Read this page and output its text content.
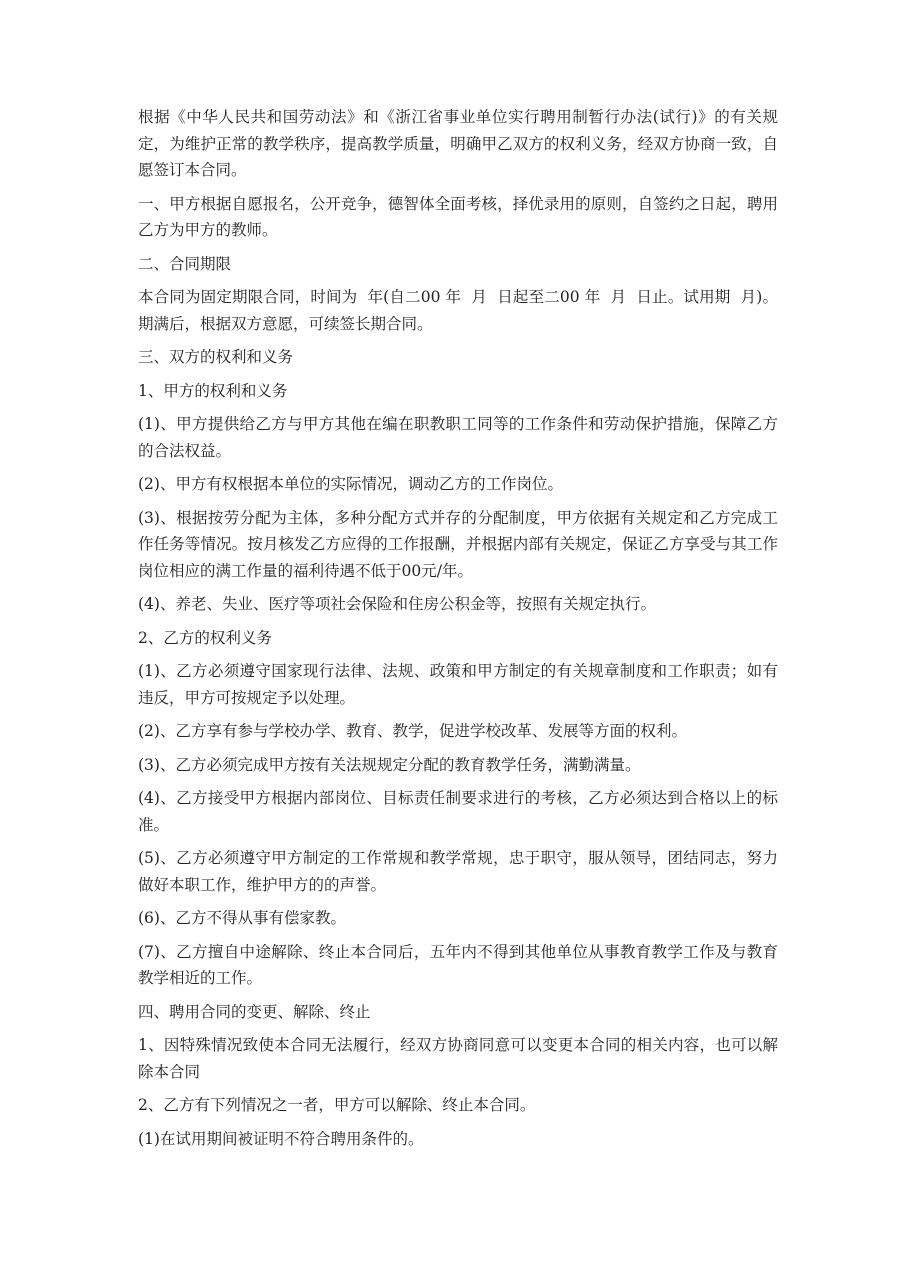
根据《中华人民共和国劳动法》和《浙江省事业单位实行聘用制暂行办法(试行)》的有关规定，为维护正常的教学秩序，提高教学质量，明确甲乙双方的权利义务，经双方协商一致，自愿签订本合同。

一、甲方根据自愿报名，公开竞争，德智体全面考核，择优录用的原则，自签约之日起，聘用乙方为甲方的教师。

二、合同期限

本合同为固定期限合同，时间为  年(自二00 年  月  日起至二00 年  月  日止。试用期  月)。期满后，根据双方意愿，可续签长期合同。

三、双方的权利和义务

1、甲方的权利和义务

(1)、甲方提供给乙方与甲方其他在编在职教职工同等的工作条件和劳动保护措施，保障乙方的合法权益。

(2)、甲方有权根据本单位的实际情况，调动乙方的工作岗位。

(3)、根据按劳分配为主体，多种分配方式并存的分配制度，甲方依据有关规定和乙方完成工作任务等情况。按月核发乙方应得的工作报酬，并根据内部有关规定，保证乙方享受与其工作岗位相应的满工作量的福利待遇不低于00元/年。

(4)、养老、失业、医疗等项社会保险和住房公积金等，按照有关规定执行。

2、乙方的权利义务

(1)、乙方必须遵守国家现行法律、法规、政策和甲方制定的有关规章制度和工作职责；如有违反，甲方可按规定予以处理。

(2)、乙方享有参与学校办学、教育、教学，促进学校改革、发展等方面的权利。

(3)、乙方必须完成甲方按有关法规规定分配的教育教学任务，满勤满量。

(4)、乙方接受甲方根据内部岗位、目标责任制要求进行的考核，乙方必须达到合格以上的标准。

(5)、乙方必须遵守甲方制定的工作常规和教学常规，忠于职守，服从领导，团结同志，努力做好本职工作，维护甲方的的声誉。

(6)、乙方不得从事有偿家教。

(7)、乙方擅自中途解除、终止本合同后，五年内不得到其他单位从事教育教学工作及与教育教学相近的工作。

四、聘用合同的变更、解除、终止

1、因特殊情况致使本合同无法履行，经双方协商同意可以变更本合同的相关内容，也可以解除本合同

2、乙方有下列情况之一者，甲方可以解除、终止本合同。

(1)在试用期间被证明不符合聘用条件的。
